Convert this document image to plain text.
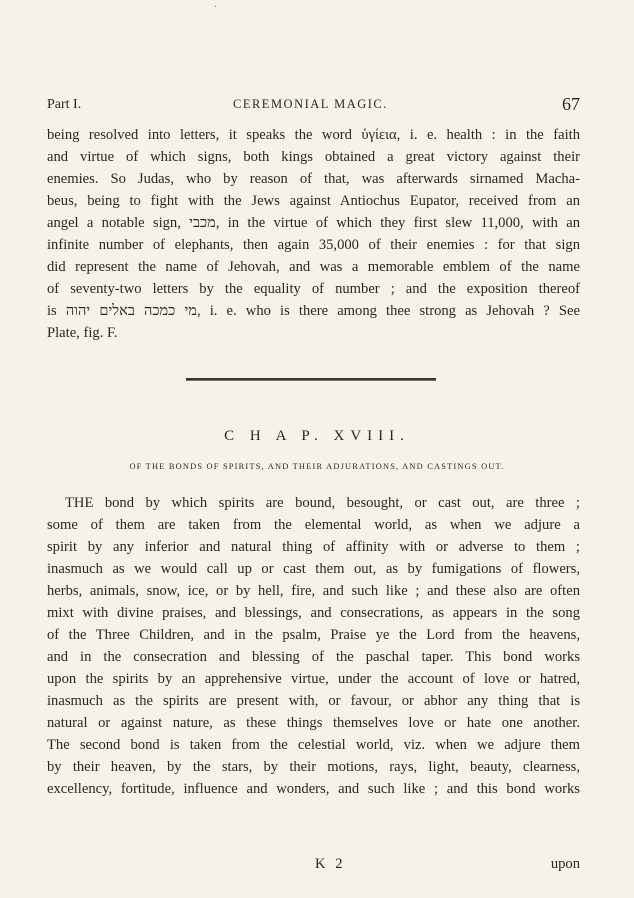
·
Part I.	CEREMONIAL MAGIC.	67
being resolved into letters, it speaks the word ὑγίεια, i. e. health : in the faith
and virtue of which signs, both kings obtained a great victory against their
enemies. So Judas, who by reason of that, was afterwards sirnamed Macha-
beus, being to fight with the Jews against Antiochus Eupator, received from an
angel a notable sign, מכבי, in the virtue of which they first slew 11,000, with an
infinite number of elephants, then again 35,000 of their enemies : for that sign
did represent the name of Jehovah, and was a memorable emblem of the name
of seventy-two letters by the equality of number ; and the exposition thereof
is מי כמכה באלים יהוה, i. e. who is there among thee strong as Jehovah ? See
Plate, fig. F.
C H A P. XVIII.
OF THE BONDS OF SPIRITS, AND THEIR ADJURATIONS, AND CASTINGS OUT.
THE bond by which spirits are bound, besought, or cast out, are three ;
some of them are taken from the elemental world, as when we adjure a
spirit by any inferior and natural thing of affinity with or adverse to them ;
inasmuch as we would call up or cast them out, as by fumigations of flowers,
herbs, animals, snow, ice, or by hell, fire, and such like ; and these also are often
mixt with divine praises, and blessings, and consecrations, as appears in the song
of the Three Children, and in the psalm, Praise ye the Lord from the heavens,
and in the consecration and blessing of the paschal taper. This bond works
upon the spirits by an apprehensive virtue, under the account of love or hatred,
inasmuch as the spirits are present with, or favour, or abhor any thing that is
natural or against nature, as these things themselves love or hate one another.
The second bond is taken from the celestial world, viz. when we adjure them
by their heaven, by the stars, by their motions, rays, light, beauty, clearness,
excellency, fortitude, influence and wonders, and such like ; and this bond works
K 2	upon
